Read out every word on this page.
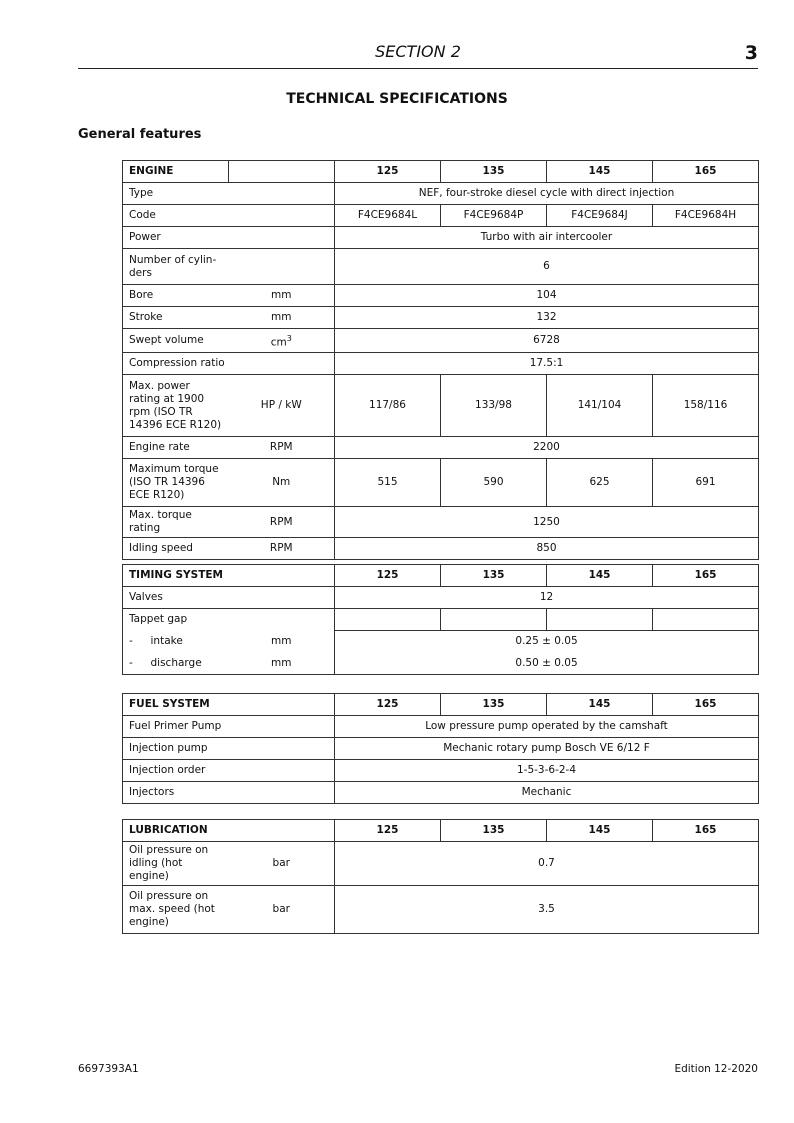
SECTION 2	3
TECHNICAL SPECIFICATIONS
General features
ENGINE		125	135	145	165
Type		NEF, four-stroke diesel cycle with direct injection			
Code		F4CE9684L	F4CE9684P	F4CE9684J	F4CE9684H
Power		Turbo with air intercooler			

Number of cylin-ders		6			
Bore	mm	104			
Stroke	mm	132			
Swept volume	$cm^3$	6728			
Compression ratio		17.5:1			
Max. power rating at 1900 rpm (ISO TR 14396 ECE R120)	HP / kW	117/86	133/98	141/104	158/116
Engine rate	RPM	2200			
Maximum torque (ISO TR 14396 ECE R120)	Nm	515	590	625	691
Max. torque rating	RPM	1250			
Idling speed	RPM	850			
TIMING SYSTEM			125	135	145	165
Valves			12			
Tappet gap						
-	intake	mm	0.25 ± 0.05			
-	discharge	mm	0.50 ± 0.05			
FUEL SYSTEM	125	135	145	165
Fuel Primer Pump	Low pressure pump operated by the camshaft			
Injection pump	Mechanic rotary pump Bosch VE 6/12 F			
Injection order	1-5-3-6-2-4			
Injectors	Mechanic			
LUBRICATION		125	135	145	165
Oil pressure on idling (hot engine)	bar	0.7			
Oil pressure on max. speed (hot engine)	bar	3.5			
6697393A1	Edition 12-2020
